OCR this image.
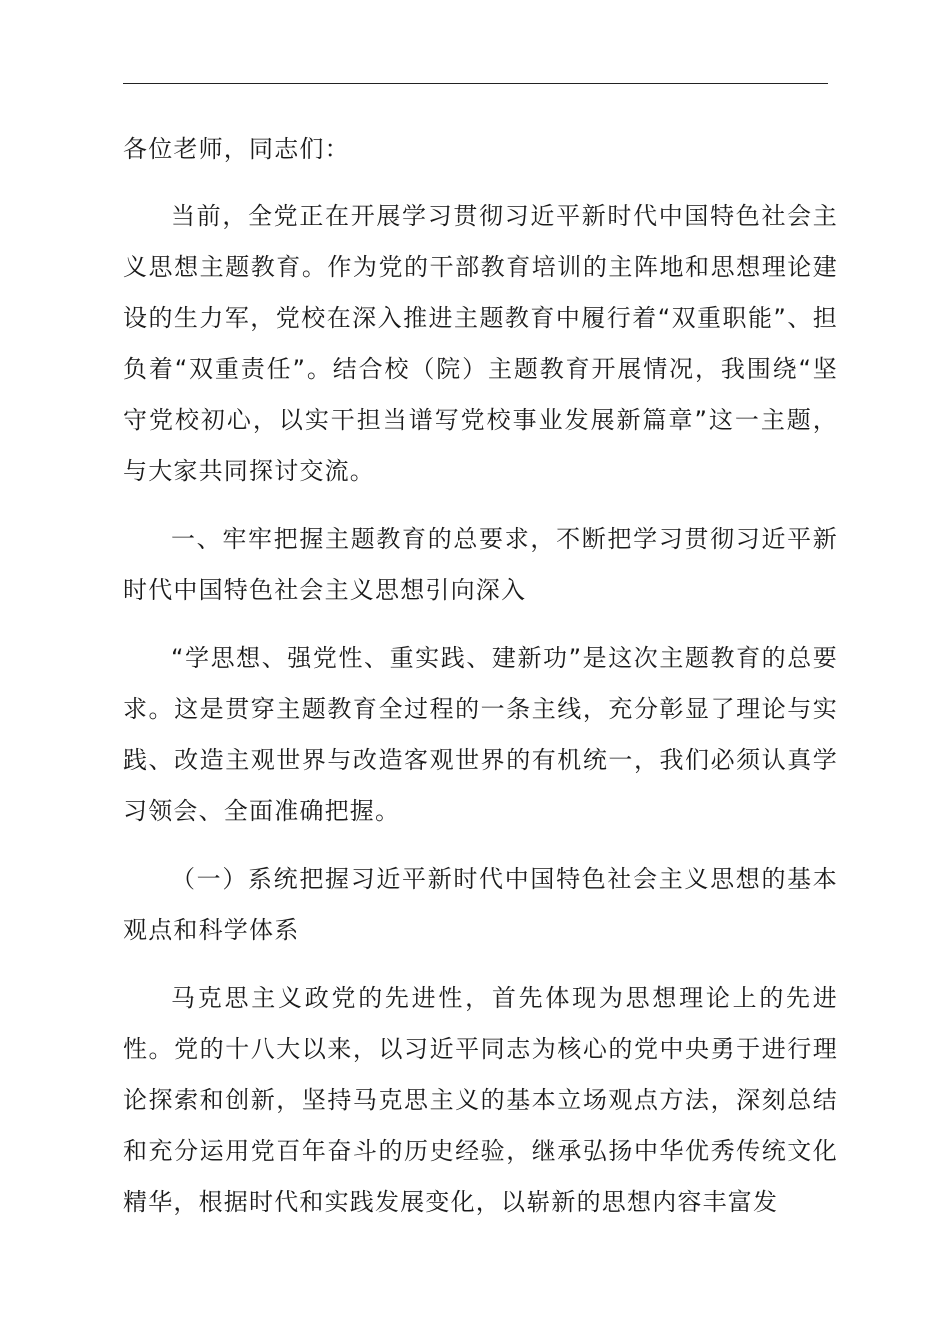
各位老师，同志们：

当前，全党正在开展学习贯彻习近平新时代中国特色社会主义思想主题教育。作为党的干部教育培训的主阵地和思想理论建设的生力军，党校在深入推进主题教育中履行着“双重职能”、担负着“双重责任”。结合校（院）主题教育开展情况，我围绕“坚守党校初心，以实干担当谱写党校事业发展新篇章”这一主题，与大家共同探讨交流。

一、牢牢把握主题教育的总要求，不断把学习贯彻习近平新时代中国特色社会主义思想引向深入

“学思想、强党性、重实践、建新功”是这次主题教育的总要求。这是贯穿主题教育全过程的一条主线，充分彰显了理论与实践、改造主观世界与改造客观世界的有机统一，我们必须认真学习领会、全面准确把握。

（一）系统把握习近平新时代中国特色社会主义思想的基本观点和科学体系

马克思主义政党的先进性，首先体现为思想理论上的先进性。党的十八大以来，以习近平同志为核心的党中央勇于进行理论探索和创新，坚持马克思主义的基本立场观点方法，深刻总结和充分运用党百年奋斗的历史经验，继承弘扬中华优秀传统文化精华，根据时代和实践发展变化，以崭新的思想内容丰富发
